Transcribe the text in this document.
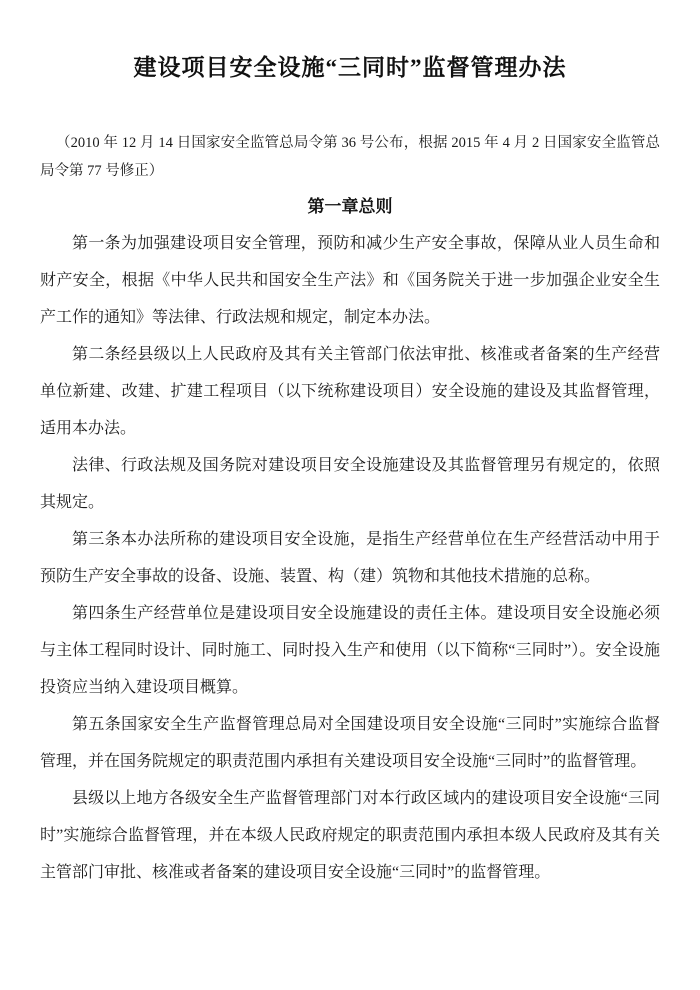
建设项目安全设施“三同时”监督管理办法

（2010 年 12 月 14 日国家安全监管总局令第 36 号公布，根据 2015 年 4 月 2 日国家安全监管总局令第 77 号修正）

第一章总则

第一条为加强建设项目安全管理，预防和减少生产安全事故，保障从业人员生命和财产安全，根据《中华人民共和国安全生产法》和《国务院关于进一步加强企业安全生产工作的通知》等法律、行政法规和规定，制定本办法。

第二条经县级以上人民政府及其有关主管部门依法审批、核准或者备案的生产经营单位新建、改建、扩建工程项目（以下统称建设项目）安全设施的建设及其监督管理，适用本办法。

法律、行政法规及国务院对建设项目安全设施建设及其监督管理另有规定的，依照其规定。

第三条本办法所称的建设项目安全设施，是指生产经营单位在生产经营活动中用于预防生产安全事故的设备、设施、装置、构（建）筑物和其他技术措施的总称。

第四条生产经营单位是建设项目安全设施建设的责任主体。建设项目安全设施必须与主体工程同时设计、同时施工、同时投入生产和使用（以下简称“三同时”）。安全设施投资应当纳入建设项目概算。

第五条国家安全生产监督管理总局对全国建设项目安全设施“三同时”实施综合监督管理，并在国务院规定的职责范围内承担有关建设项目安全设施“三同时”的监督管理。

县级以上地方各级安全生产监督管理部门对本行政区域内的建设项目安全设施“三同时”实施综合监督管理，并在本级人民政府规定的职责范围内承担本级人民政府及其有关主管部门审批、核准或者备案的建设项目安全设施“三同时”的监督管理。
